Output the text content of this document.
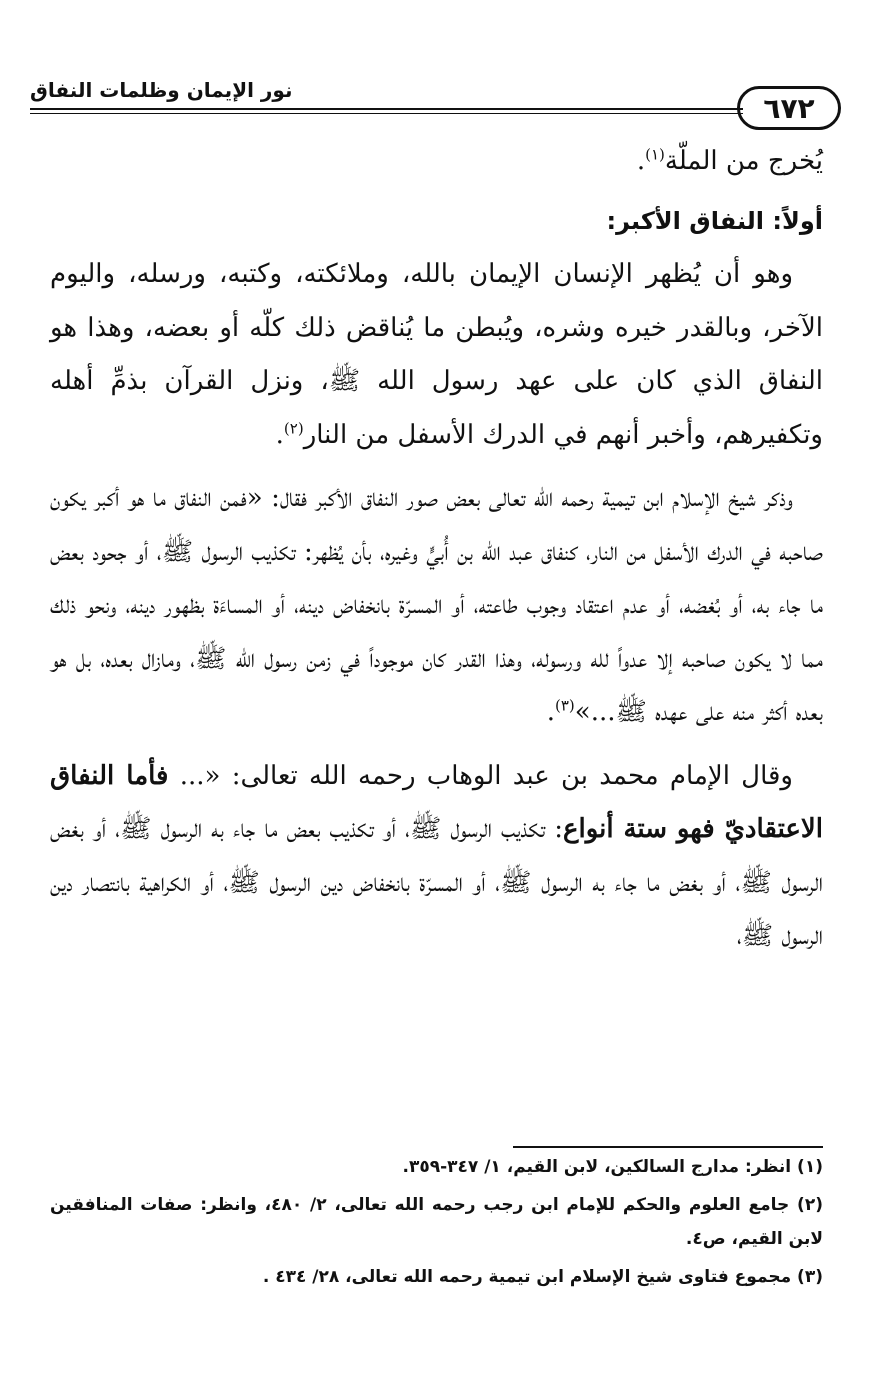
٦٧٢
نور الإيمان وظلمات النفاق

يُخرج من الملّة$^{(١)}$.

أولاً: النفاق الأكبر:

وهو أن يُظهر الإنسان الإيمان بالله، وملائكته، وكتبه، ورسله، واليوم الآخر، وبالقدر خيره وشره، ويُبطن ما يُناقض ذلك كلّه أو بعضه، وهذا هو النفاق الذي كان على عهد رسول الله ﷺ، ونزل القرآن بذمِّ أهله وتكفيرهم، وأخبر أنهم في الدرك الأسفل من النار$^{(٢)}$.

وذكر شيخ الإسلام ابن تيمية رحمه الله تعالى بعض صور النفاق الأكبر فقال: «فمن النفاق ما هو أكبر يكون صاحبه في الدرك الأسفل من النار، كنفاق عبد الله بن أُبيٍّ وغيره، بأن يُظهر: تكذيب الرسول ﷺ، أو جحود بعض ما جاء به، أو بُغضه، أو عدم اعتقاد وجوب طاعته، أو المسرّة بانخفاض دينه، أو المساءَة بظهور دينه، ونحو ذلك مما لا يكون صاحبه إلا عدواً لله ورسوله، وهذا القدر كان موجوداً في زمن رسول الله ﷺ، ومازال بعده، بل هو بعده أكثر منه على عهده ﷺ...»$^{(٣)}$.

وقال الإمام محمد بن عبد الوهاب رحمه الله تعالى: «... فأما النفاق الاعتقاديّ فهو ستة أنواع: تكذيب الرسول ﷺ، أو تكذيب بعض ما جاء به الرسول ﷺ، أو بغض الرسول ﷺ، أو بغض ما جاء به الرسول ﷺ، أو المسرّة بانخفاض دين الرسول ﷺ، أو الكراهية بانتصار دين الرسول ﷺ،

(١) انظر: مدارج السالكين، لابن القيم، ١/ ٣٤٧-٣٥٩.

(٢) جامع العلوم والحكم للإمام ابن رجب رحمه الله تعالى، ٢/ ٤٨٠، وانظر: صفات المنافقين لابن القيم، ص٤.

(٣) مجموع فتاوى شيخ الإسلام ابن تيمية رحمه الله تعالى، ٢٨/ ٤٣٤ .
